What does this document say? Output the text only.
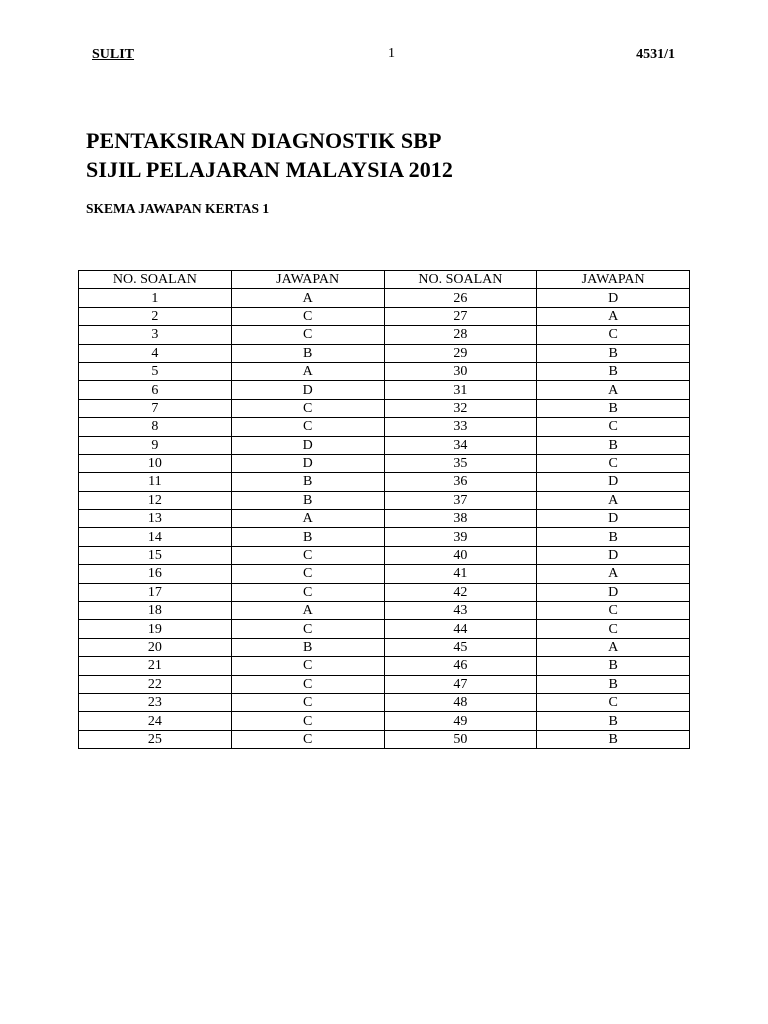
SULIT	1	4531/1
PENTAKSIRAN DIAGNOSTIK SBP
SIJIL PELAJARAN MALAYSIA 2012
SKEMA JAWAPAN KERTAS 1
NO. SOALAN	JAWAPAN	NO. SOALAN	JAWAPAN
1	A	26	D
2	C	27	A
3	C	28	C
4	B	29	B
5	A	30	B
6	D	31	A
7	C	32	B
8	C	33	C
9	D	34	B
10	D	35	C
11	B	36	D
12	B	37	A
13	A	38	D
14	B	39	B
15	C	40	D
16	C	41	A
17	C	42	D
18	A	43	C
19	C	44	C
20	B	45	A
21	C	46	B
22	C	47	B
23	C	48	C
24	C	49	B
25	C	50	B
